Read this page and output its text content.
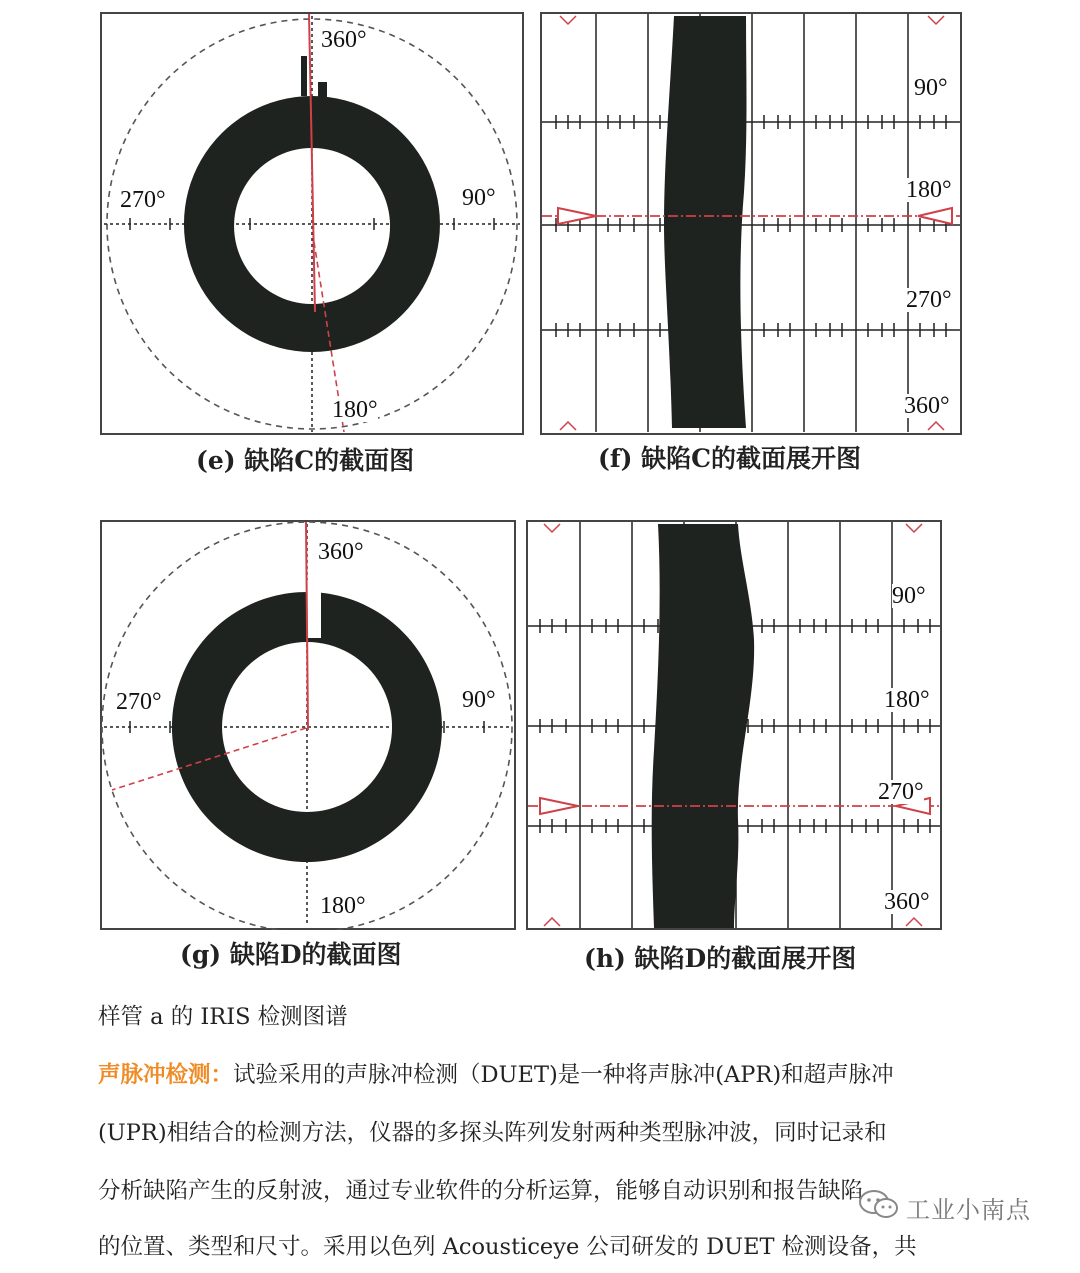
360°
270°	90°
180°
(e) 缺陷C的截面图
90°
180°
270°
360°
(f) 缺陷C的截面展开图
360°
270°	90°
180°
(g) 缺陷D的截面图
90°
180°
270°
360°
(h) 缺陷D的截面展开图
样管 a 的 IRIS 检测图谱
声脉冲检测：试验采用的声脉冲检测（DUET)是一种将声脉冲(APR)和超声脉冲
(UPR)相结合的检测方法，仪器的多探头阵列发射两种类型脉冲波，同时记录和
分析缺陷产生的反射波，通过专业软件的分析运算，能够自动识别和报告缺陷
的位置、类型和尺寸。采用以色列 Acousticeye 公司研发的 DUET 检测设备，共
工业小南点
